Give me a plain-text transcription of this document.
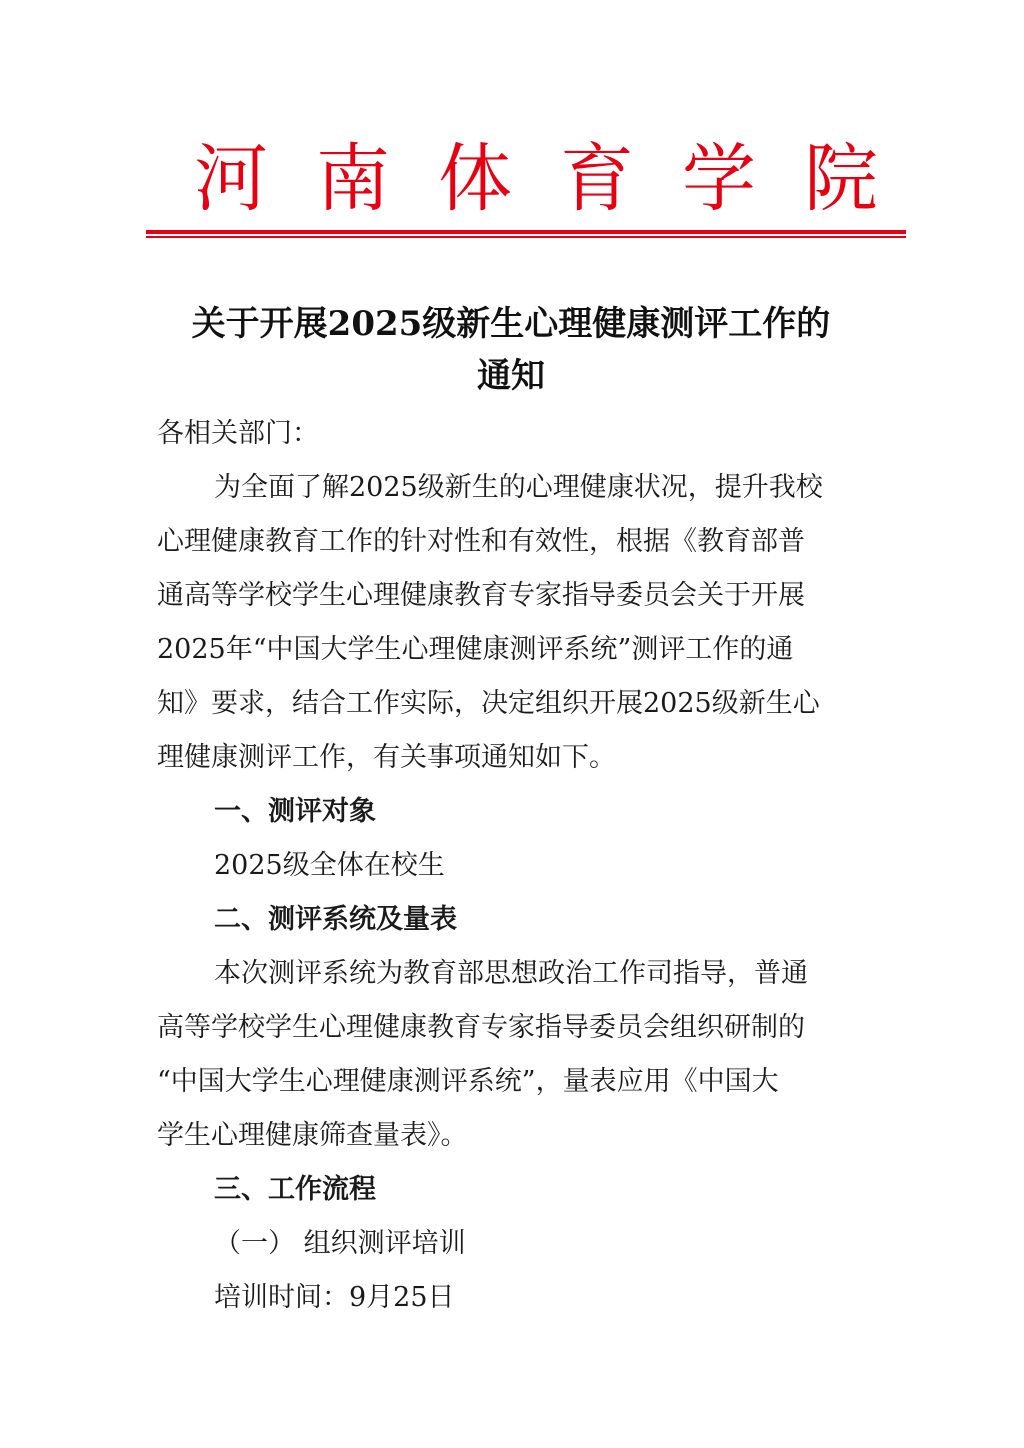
河南体育学院
关于开展2025级新生心理健康测评工作的
通知
各相关部门：
为全面了解2025级新生的心理健康状况，提升我校
心理健康教育工作的针对性和有效性，根据《教育部普
通高等学校学生心理健康教育专家指导委员会关于开展
2025年“中国大学生心理健康测评系统”测评工作的通
知》要求，结合工作实际，决定组织开展2025级新生心
理健康测评工作，有关事项通知如下。
一、测评对象
2025级全体在校生
二、测评系统及量表
本次测评系统为教育部思想政治工作司指导，普通
高等学校学生心理健康教育专家指导委员会组织研制的
“中国大学生心理健康测评系统”，量表应用《中国大
学生心理健康筛查量表》。
三、工作流程
（一） 组织测评培训
培训时间：9月25日
